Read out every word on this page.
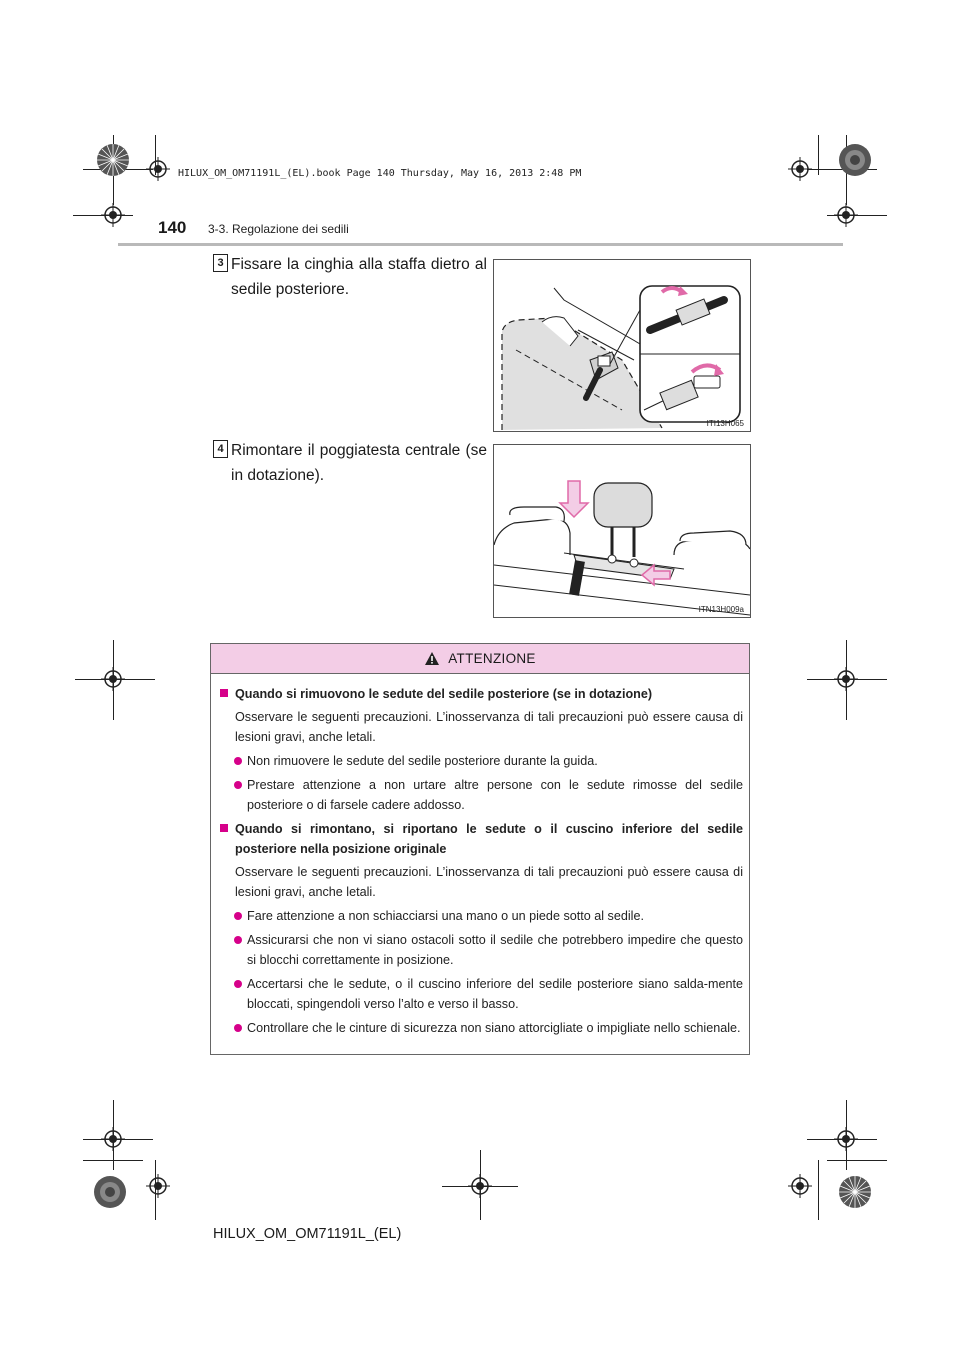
HILUX_OM_OM71191L_(EL).book Page 140 Thursday, May 16, 2013 2:48 PM
140 3-3. Regolazione dei sedili
3 Fissare la cinghia alla staffa dietro al sedile posteriore.
ITI13H065
4 Rimontare il poggiatesta centrale (se in dotazione).
ITN13H009a
ATTENZIONE
Quando si rimuovono le sedute del sedile posteriore (se in dotazione)
Osservare le seguenti precauzioni. L’inosservanza di tali precauzioni può essere causa di lesioni gravi, anche letali.
Non rimuovere le sedute del sedile posteriore durante la guida.
Prestare attenzione a non urtare altre persone con le sedute rimosse del sedile posteriore o di farsele cadere addosso.
Quando si rimontano, si riportano le sedute o il cuscino inferiore del sedile posteriore nella posizione originale
Osservare le seguenti precauzioni. L’inosservanza di tali precauzioni può essere causa di lesioni gravi, anche letali.
Fare attenzione a non schiacciarsi una mano o un piede sotto al sedile.
Assicurarsi che non vi siano ostacoli sotto il sedile che potrebbero impedire che questo si blocchi correttamente in posizione.
Accertarsi che le sedute, o il cuscino inferiore del sedile posteriore siano salda-mente bloccati, spingendoli verso l’alto e verso il basso.
Controllare che le cinture di sicurezza non siano attorcigliate o impigliate nello schienale.
HILUX_OM_OM71191L_(EL)
